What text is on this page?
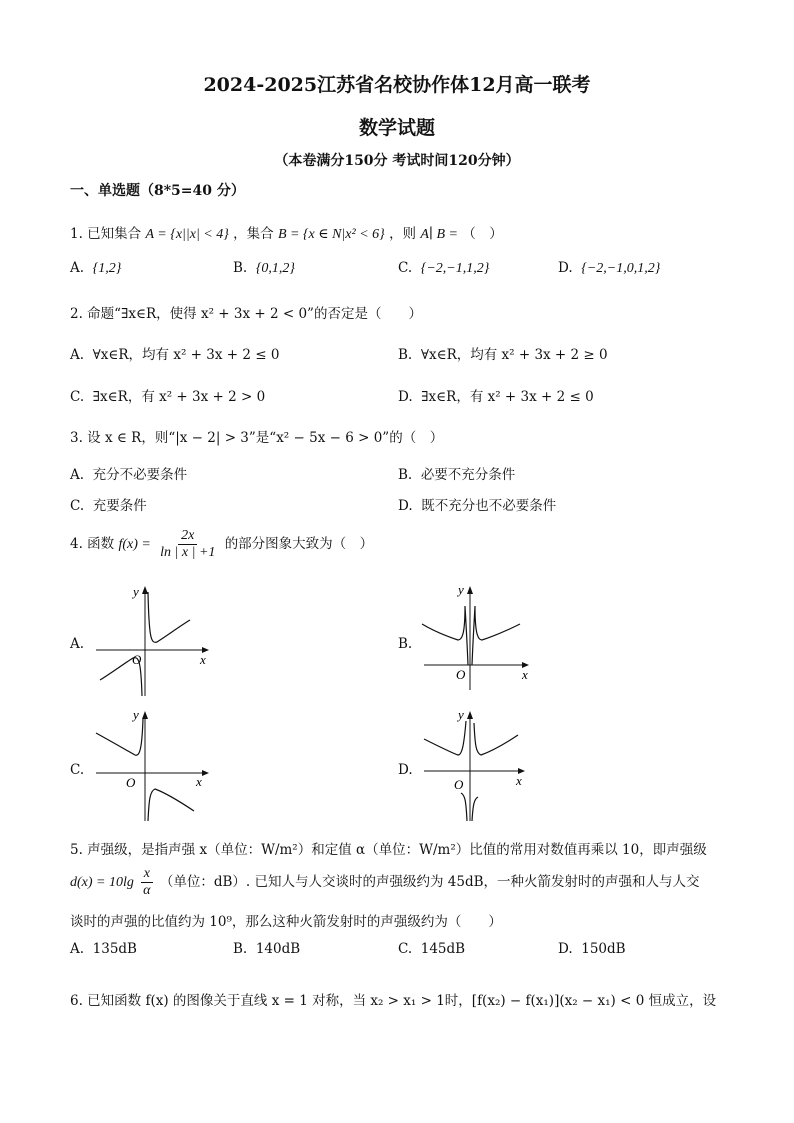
2024-2025江苏省名校协作体12月高一联考
数学试题
（本卷满分150分 考试时间120分钟）
一、单选题（8*5=40 分）
1. 已知集合 A = {x||x| < 4} ，集合 B = {x ∈ N|x² < 6} ，则 A∣ B = （　）
A. {1,2}	B. {0,1,2}	C. {−2,−1,1,2}	D. {−2,−1,0,1,2}
2. 命题“∃x∈R，使得 x² + 3x + 2 < 0”的否定是（　　）
A. ∀x∈R，均有 x² + 3x + 2 ≤ 0	B. ∀x∈R，均有 x² + 3x + 2 ≥ 0
C. ∃x∈R，有 x² + 3x + 2 > 0	D. ∃x∈R，有 x² + 3x + 2 ≤ 0
3. 设 x ∈ R，则“|x − 2| > 3”是“x² − 5x − 6 > 0”的（　）
A. 充分不必要条件	B. 必要不充分条件
C. 充要条件	D. 既不充分也不必要条件
4. 函数 $f(x) = \frac{2x}{\ln | x | +1}$ 的部分图象大致为（　）
A.	B.
C.	D.
x
y
O
x
y
O
x
y
O	x
y
O
5. 声强级，是指声强 x（单位：W/m²）和定值 α（单位：W/m²）比值的常用对数值再乘以 10，即声强级
$d(x) = 10\lg \frac{x}{\alpha}$ （单位：dB）. 已知人与人交谈时的声强级约为 45dB，一种火箭发射时的声强和人与人交
谈时的声强的比值约为 10⁹，那么这种火箭发射时的声强级约为（　　）
A. 135dB	B. 140dB	C. 145dB	D. 150dB
6. 已知函数 f(x) 的图像关于直线 x = 1 对称，当 x₂ > x₁ > 1时，[f(x₂) − f(x₁)](x₂ − x₁) < 0 恒成立，设
